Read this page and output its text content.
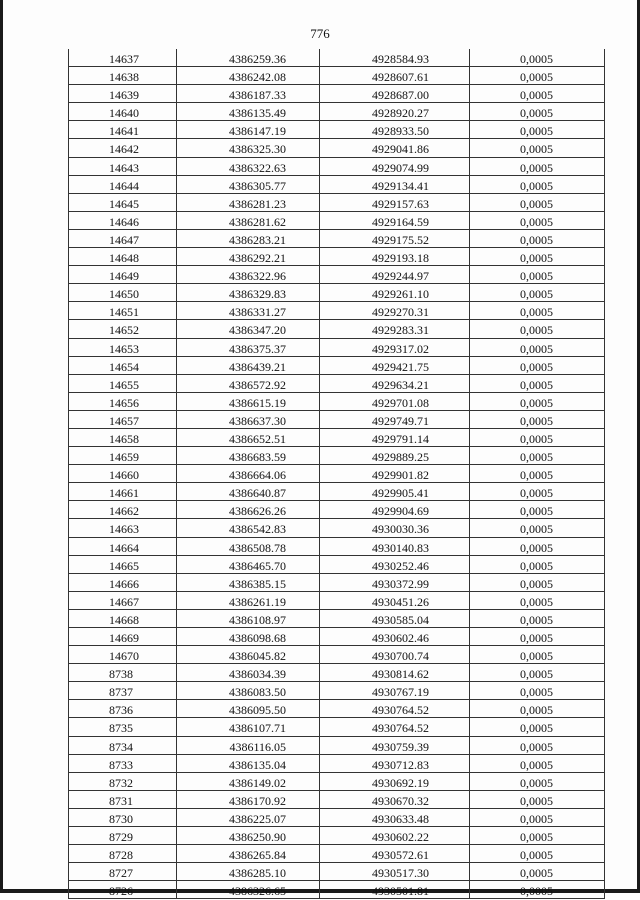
776
14637	4386259.36	4928584.93	0,0005
14638	4386242.08	4928607.61	0,0005
14639	4386187.33	4928687.00	0,0005
14640	4386135.49	4928920.27	0,0005
14641	4386147.19	4928933.50	0,0005
14642	4386325.30	4929041.86	0,0005
14643	4386322.63	4929074.99	0,0005
14644	4386305.77	4929134.41	0,0005
14645	4386281.23	4929157.63	0,0005
14646	4386281.62	4929164.59	0,0005
14647	4386283.21	4929175.52	0,0005
14648	4386292.21	4929193.18	0,0005
14649	4386322.96	4929244.97	0,0005
14650	4386329.83	4929261.10	0,0005
14651	4386331.27	4929270.31	0,0005
14652	4386347.20	4929283.31	0,0005
14653	4386375.37	4929317.02	0,0005
14654	4386439.21	4929421.75	0,0005
14655	4386572.92	4929634.21	0,0005
14656	4386615.19	4929701.08	0,0005
14657	4386637.30	4929749.71	0,0005
14658	4386652.51	4929791.14	0,0005
14659	4386683.59	4929889.25	0,0005
14660	4386664.06	4929901.82	0,0005
14661	4386640.87	4929905.41	0,0005
14662	4386626.26	4929904.69	0,0005
14663	4386542.83	4930030.36	0,0005
14664	4386508.78	4930140.83	0,0005
14665	4386465.70	4930252.46	0,0005
14666	4386385.15	4930372.99	0,0005
14667	4386261.19	4930451.26	0,0005
14668	4386108.97	4930585.04	0,0005
14669	4386098.68	4930602.46	0,0005
14670	4386045.82	4930700.74	0,0005
8738	4386034.39	4930814.62	0,0005
8737	4386083.50	4930767.19	0,0005
8736	4386095.50	4930764.52	0,0005
8735	4386107.71	4930764.52	0,0005
8734	4386116.05	4930759.39	0,0005
8733	4386135.04	4930712.83	0,0005
8732	4386149.02	4930692.19	0,0005
8731	4386170.92	4930670.32	0,0005
8730	4386225.07	4930633.48	0,0005
8729	4386250.90	4930602.22	0,0005
8728	4386265.84	4930572.61	0,0005
8727	4386285.10	4930517.30	0,0005
8726	4386326.65	4930501.81	0,0005
